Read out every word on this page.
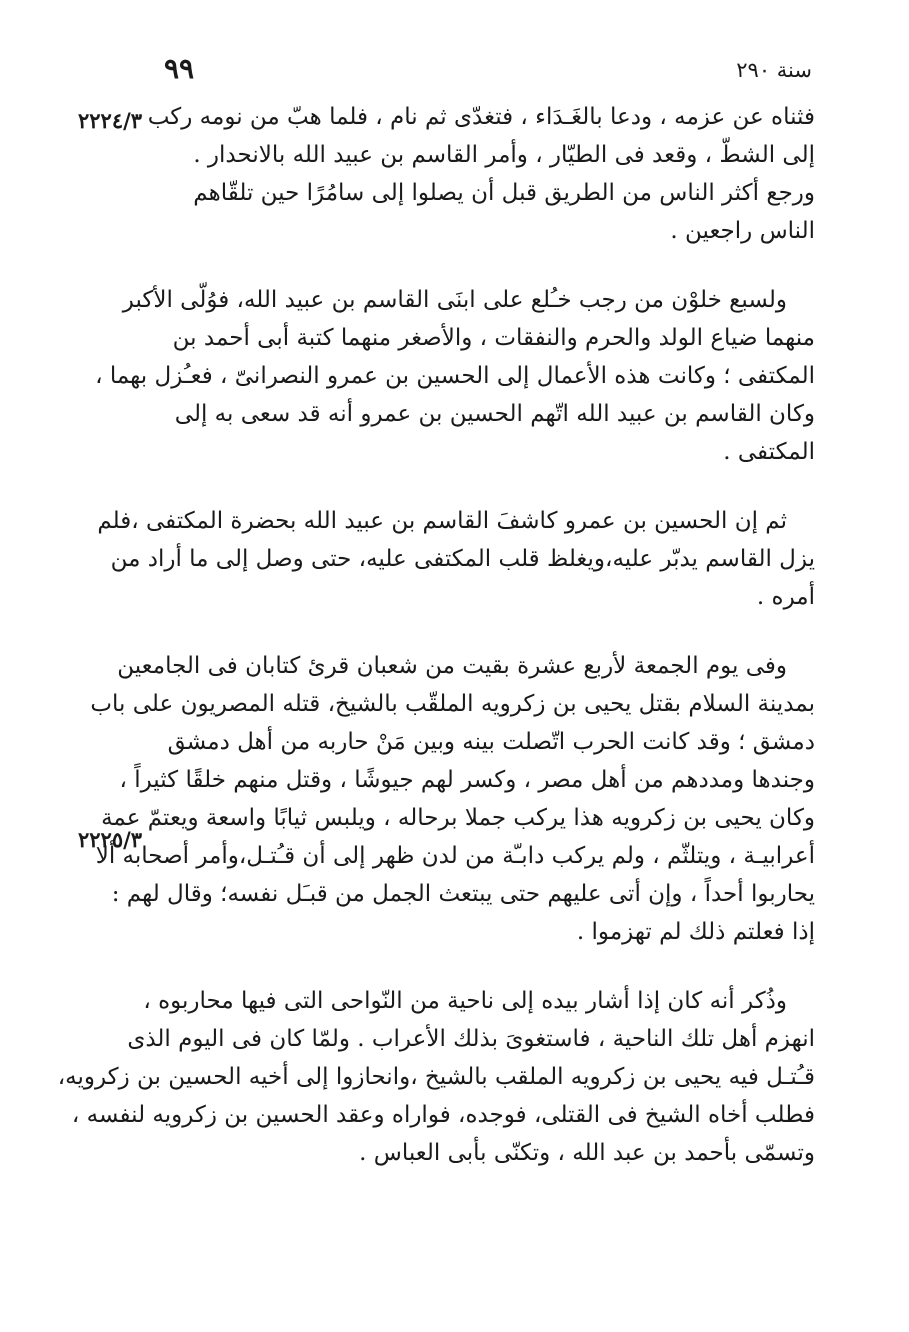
سنة ٢٩٠
٩٩
٢٢٢٤/٣
٢٢٢٥/٣
فثناه عن عزمه ، ودعا بالغَـدَاء ، فتغدّى ثم نام ، فلما هبّ من نومه ركب
إلى الشطّ ، وقعد فى الطيّار ، وأمر القاسم بن عبيد الله بالانحدار .
ورجع أكثر الناس من الطريق قبل أن يصلوا إلى سامُرًا حين تلقّاهم
الناس راجعين .
ولسبع خلوْن من رجب خـُلع على ابنَى القاسم بن عبيد الله، فوُلّى الأكبر
منهما ضياع الولد والحرم والنفقات ، والأصغر منهما كتبة أبى أحمد بن
المكتفى ؛ وكانت هذه الأعمال إلى الحسين بن عمرو النصرانىّ ، فعـُزل بهما ،
وكان القاسم بن عبيد الله اتّهم الحسين بن عمرو أنه قد سعى به إلى
المكتفى .
ثم إن الحسين بن عمرو كاشفَ القاسم بن عبيد الله بحضرة المكتفى ،فلم
يزل القاسم يدبّر عليه،ويغلظ قلب المكتفى عليه، حتى وصل إلى ما أراد من
أمره .
وفى يوم الجمعة لأربع عشرة بقيت من شعبان قرئ كتابان فى الجامعين
بمدينة السلام بقتل يحيى بن زكرويه الملقّب بالشيخ، قتله المصريون على باب
دمشق ؛ وقد كانت الحرب اتّصلت بينه وبين مَنْ حاربه من أهل دمشق
وجندها ومددهم من أهل مصر ، وكسر لهم جيوشًا ، وقتل منهم خلقًا كثيراً ،
وكان يحيى بن زكرويه هذا يركب جملا برحاله ، ويلبس ثيابًا واسعة ويعتمّ عمة
أعرابيـة ، ويتلثّم ، ولم يركب دابـّة من لدن ظهر إلى أن قـُتـل،وأمر أصحابه ألا
يحاربوا أحداً ، وإن أتى عليهم حتى يبتعث الجمل من قبـَل نفسه؛ وقال لهم :
إذا فعلتم ذلك لم تهزموا .
وذُكر أنه كان إذا أشار بيده إلى ناحية من النّواحى التى فيها محاربوه ،
انهزم أهل تلك الناحية ، فاستغوىَ بذلك الأعراب . ولمّا كان فى اليوم الذى
قـُتـل فيه يحيى بن زكرويه الملقب بالشيخ ،وانحازوا إلى أخيه الحسين بن زكرويه،
فطلب أخاه الشيخ فى القتلى، فوجده، فواراه وعقد الحسين بن زكرويه لنفسه ،
وتسمّى بأحمد بن عبد الله ، وتكنّى بأبى العباس .
